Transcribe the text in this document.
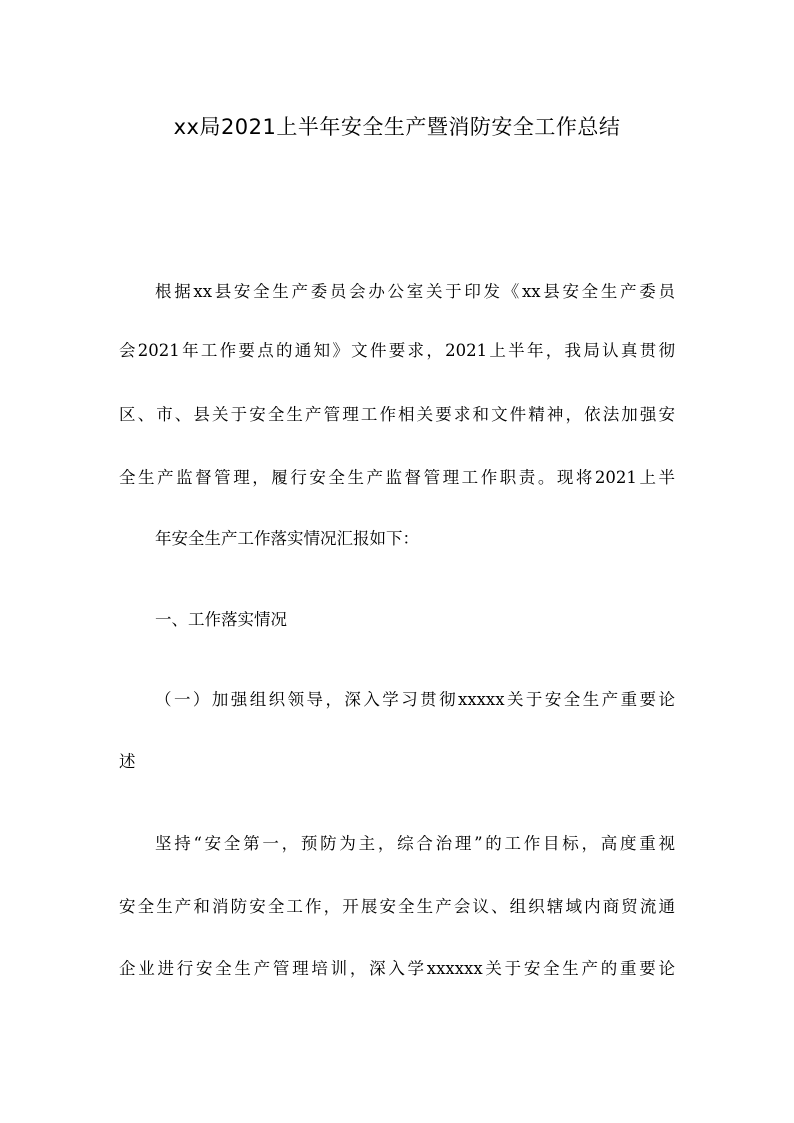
xx局2021上半年安全生产暨消防安全工作总结
根据xx县安全生产委员会办公室关于印发《xx县安全生产委员
会2021年工作要点的通知》文件要求，2021上半年，我局认真贯彻
区、市、县关于安全生产管理工作相关要求和文件精神，依法加强安
全生产监督管理，履行安全生产监督管理工作职责。现将2021上半
年安全生产工作落实情况汇报如下：
一、工作落实情况
（一）加强组织领导，深入学习贯彻xxxxx关于安全生产重要论
述
坚持“安全第一，预防为主，综合治理”的工作目标，高度重视
安全生产和消防安全工作，开展安全生产会议、组织辖域内商贸流通
企业进行安全生产管理培训，深入学xxxxxx关于安全生产的重要论
